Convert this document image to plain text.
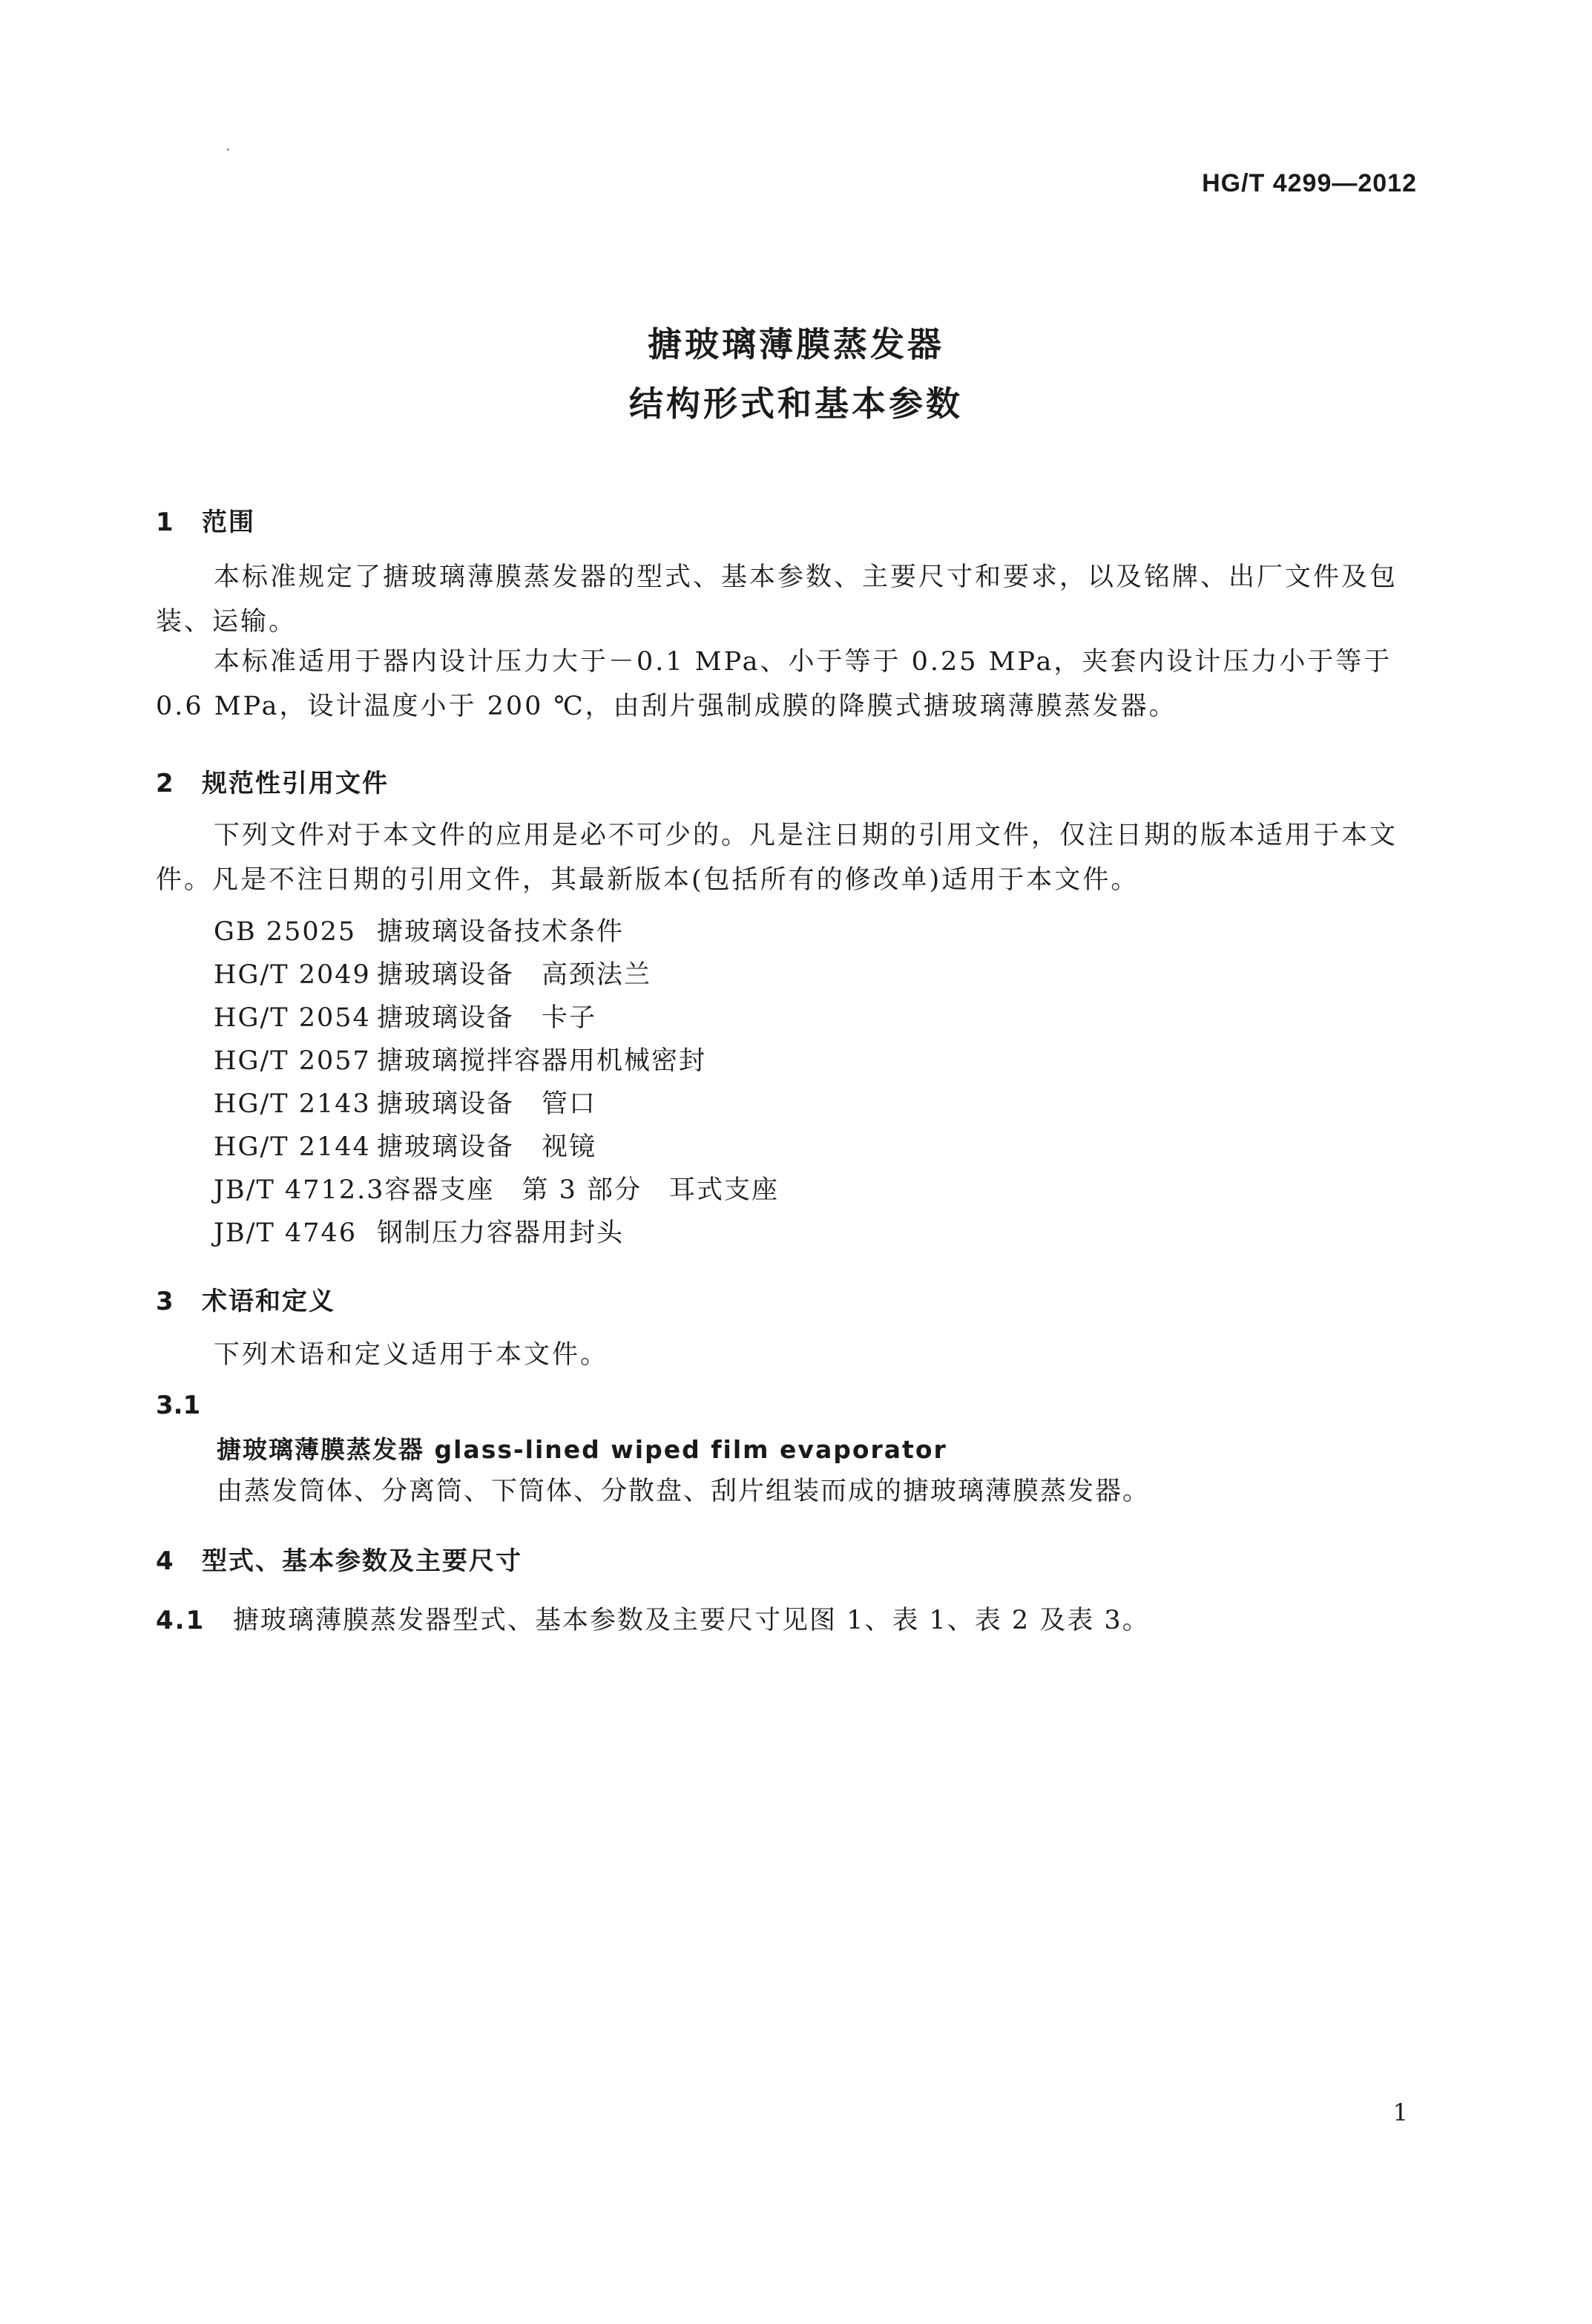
HG/T 4299—2012
搪玻璃薄膜蒸发器
结构形式和基本参数
1 范围
本标准规定了搪玻璃薄膜蒸发器的型式、基本参数、主要尺寸和要求，以及铭牌、出厂文件及包装、运输。
本标准适用于器内设计压力大于－0.1 MPa、小于等于 0.25 MPa，夹套内设计压力小于等于0.6 MPa，设计温度小于 200 ℃，由刮片强制成膜的降膜式搪玻璃薄膜蒸发器。
2 规范性引用文件
下列文件对于本文件的应用是必不可少的。凡是注日期的引用文件，仅注日期的版本适用于本文件。凡是不注日期的引用文件，其最新版本(包括所有的修改单)适用于本文件。
GB 25025 搪玻璃设备技术条件
HG/T 2049 搪玻璃设备　高颈法兰
HG/T 2054 搪玻璃设备　卡子
HG/T 2057 搪玻璃搅拌容器用机械密封
HG/T 2143 搪玻璃设备　管口
HG/T 2144 搪玻璃设备　视镜
JB/T 4712.3容器支座　第 3 部分　耳式支座
JB/T 4746 钢制压力容器用封头
3 术语和定义
下列术语和定义适用于本文件。
3.1
搪玻璃薄膜蒸发器 glass-lined wiped film evaporator
由蒸发筒体、分离筒、下筒体、分散盘、刮片组装而成的搪玻璃薄膜蒸发器。
4 型式、基本参数及主要尺寸
4.1 搪玻璃薄膜蒸发器型式、基本参数及主要尺寸见图 1、表 1、表 2 及表 3。
1
